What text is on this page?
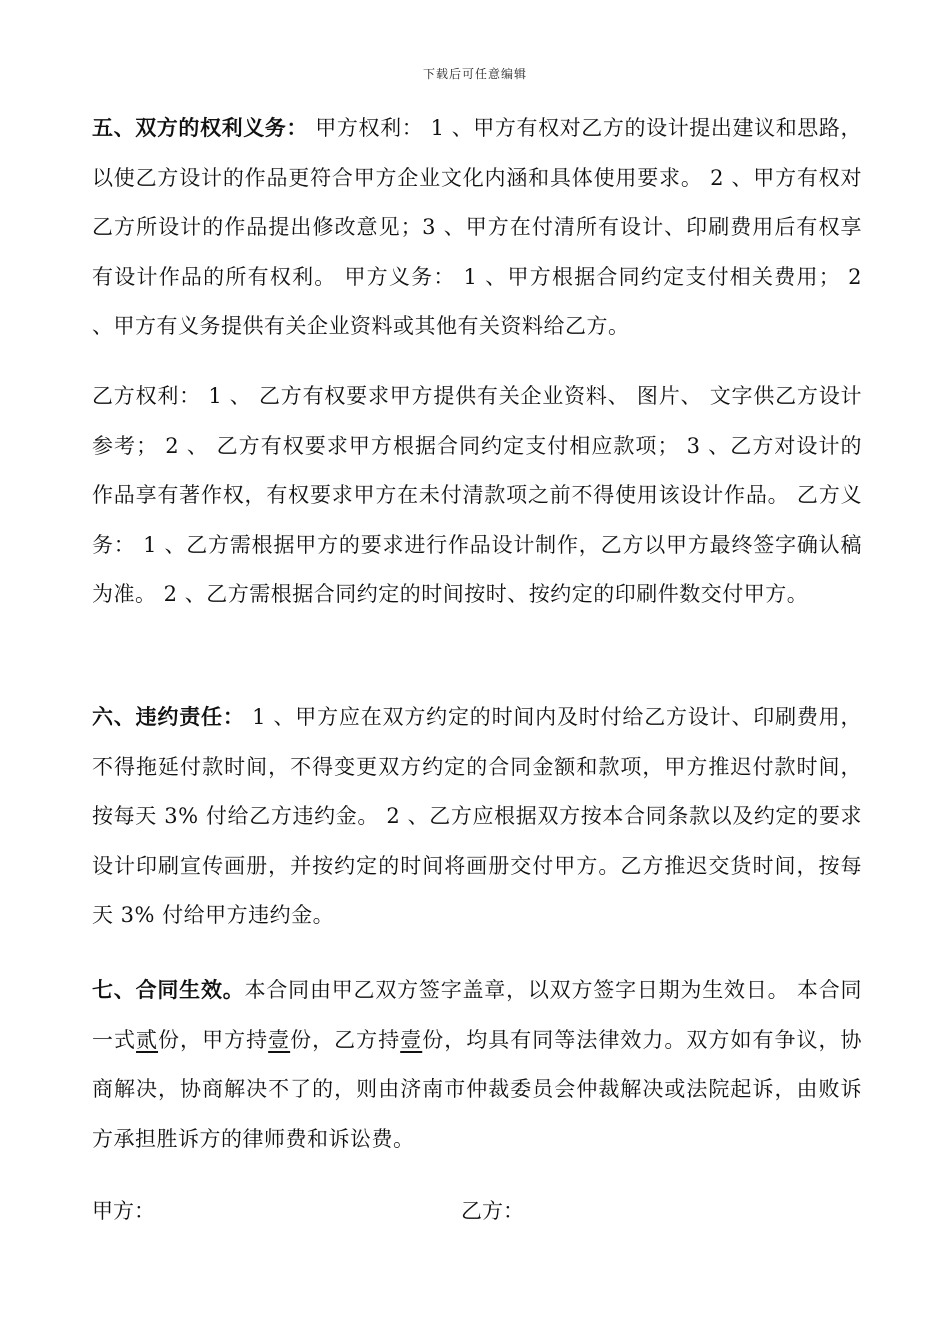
下载后可任意编辑
五、双方的权利义务： 甲方权利： 1 、甲方有权对乙方的设计提出建议和思路，以使乙方设计的作品更符合甲方企业文化内涵和具体使用要求。 2 、甲方有权对乙方所设计的作品提出修改意见；3 、甲方在付清所有设计、印刷费用后有权享有设计作品的所有权利。 甲方义务： 1 、甲方根据合同约定支付相关费用； 2 、甲方有义务提供有关企业资料或其他有关资料给乙方。
乙方权利： 1 、 乙方有权要求甲方提供有关企业资料、 图片、 文字供乙方设计参考； 2 、 乙方有权要求甲方根据合同约定支付相应款项； 3 、乙方对设计的作品享有著作权，有权要求甲方在未付清款项之前不得使用该设计作品。 乙方义务： 1 、乙方需根据甲方的要求进行作品设计制作，乙方以甲方最终签字确认稿为准。 2 、乙方需根据合同约定的时间按时、按约定的印刷件数交付甲方。
六、违约责任： 1 、甲方应在双方约定的时间内及时付给乙方设计、印刷费用，不得拖延付款时间，不得变更双方约定的合同金额和款项，甲方推迟付款时间，按每天 3% 付给乙方违约金。 2 、乙方应根据双方按本合同条款以及约定的要求设计印刷宣传画册，并按约定的时间将画册交付甲方。乙方推迟交货时间，按每天 3% 付给甲方违约金。
七、合同生效。本合同由甲乙双方签字盖章，以双方签字日期为生效日。 本合同一式贰份，甲方持壹份，乙方持壹份，均具有同等法律效力。双方如有争议，协商解决，协商解决不了的，则由济南市仲裁委员会仲裁解决或法院起诉，由败诉方承担胜诉方的律师费和诉讼费。
甲方：	乙方：
